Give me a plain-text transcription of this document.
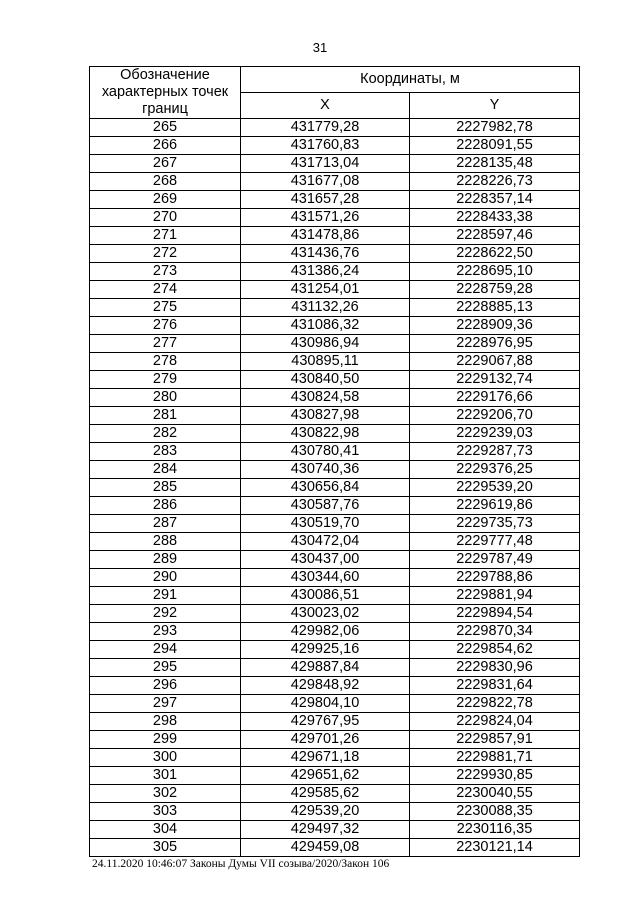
31
Обозначение характерных точек границ	Координаты, м	
	X	Y
265	431779,28	2227982,78
266	431760,83	2228091,55
267	431713,04	2228135,48
268	431677,08	2228226,73
269	431657,28	2228357,14
270	431571,26	2228433,38
271	431478,86	2228597,46
272	431436,76	2228622,50
273	431386,24	2228695,10
274	431254,01	2228759,28
275	431132,26	2228885,13
276	431086,32	2228909,36
277	430986,94	2228976,95
278	430895,11	2229067,88
279	430840,50	2229132,74
280	430824,58	2229176,66
281	430827,98	2229206,70
282	430822,98	2229239,03
283	430780,41	2229287,73
284	430740,36	2229376,25
285	430656,84	2229539,20
286	430587,76	2229619,86
287	430519,70	2229735,73
288	430472,04	2229777,48
289	430437,00	2229787,49
290	430344,60	2229788,86
291	430086,51	2229881,94
292	430023,02	2229894,54
293	429982,06	2229870,34
294	429925,16	2229854,62
295	429887,84	2229830,96
296	429848,92	2229831,64
297	429804,10	2229822,78
298	429767,95	2229824,04
299	429701,26	2229857,91
300	429671,18	2229881,71
301	429651,62	2229930,85
302	429585,62	2230040,55
303	429539,20	2230088,35
304	429497,32	2230116,35
305	429459,08	2230121,14
24.11.2020 10:46:07 Законы Думы VII созыва/2020/Закон 106
